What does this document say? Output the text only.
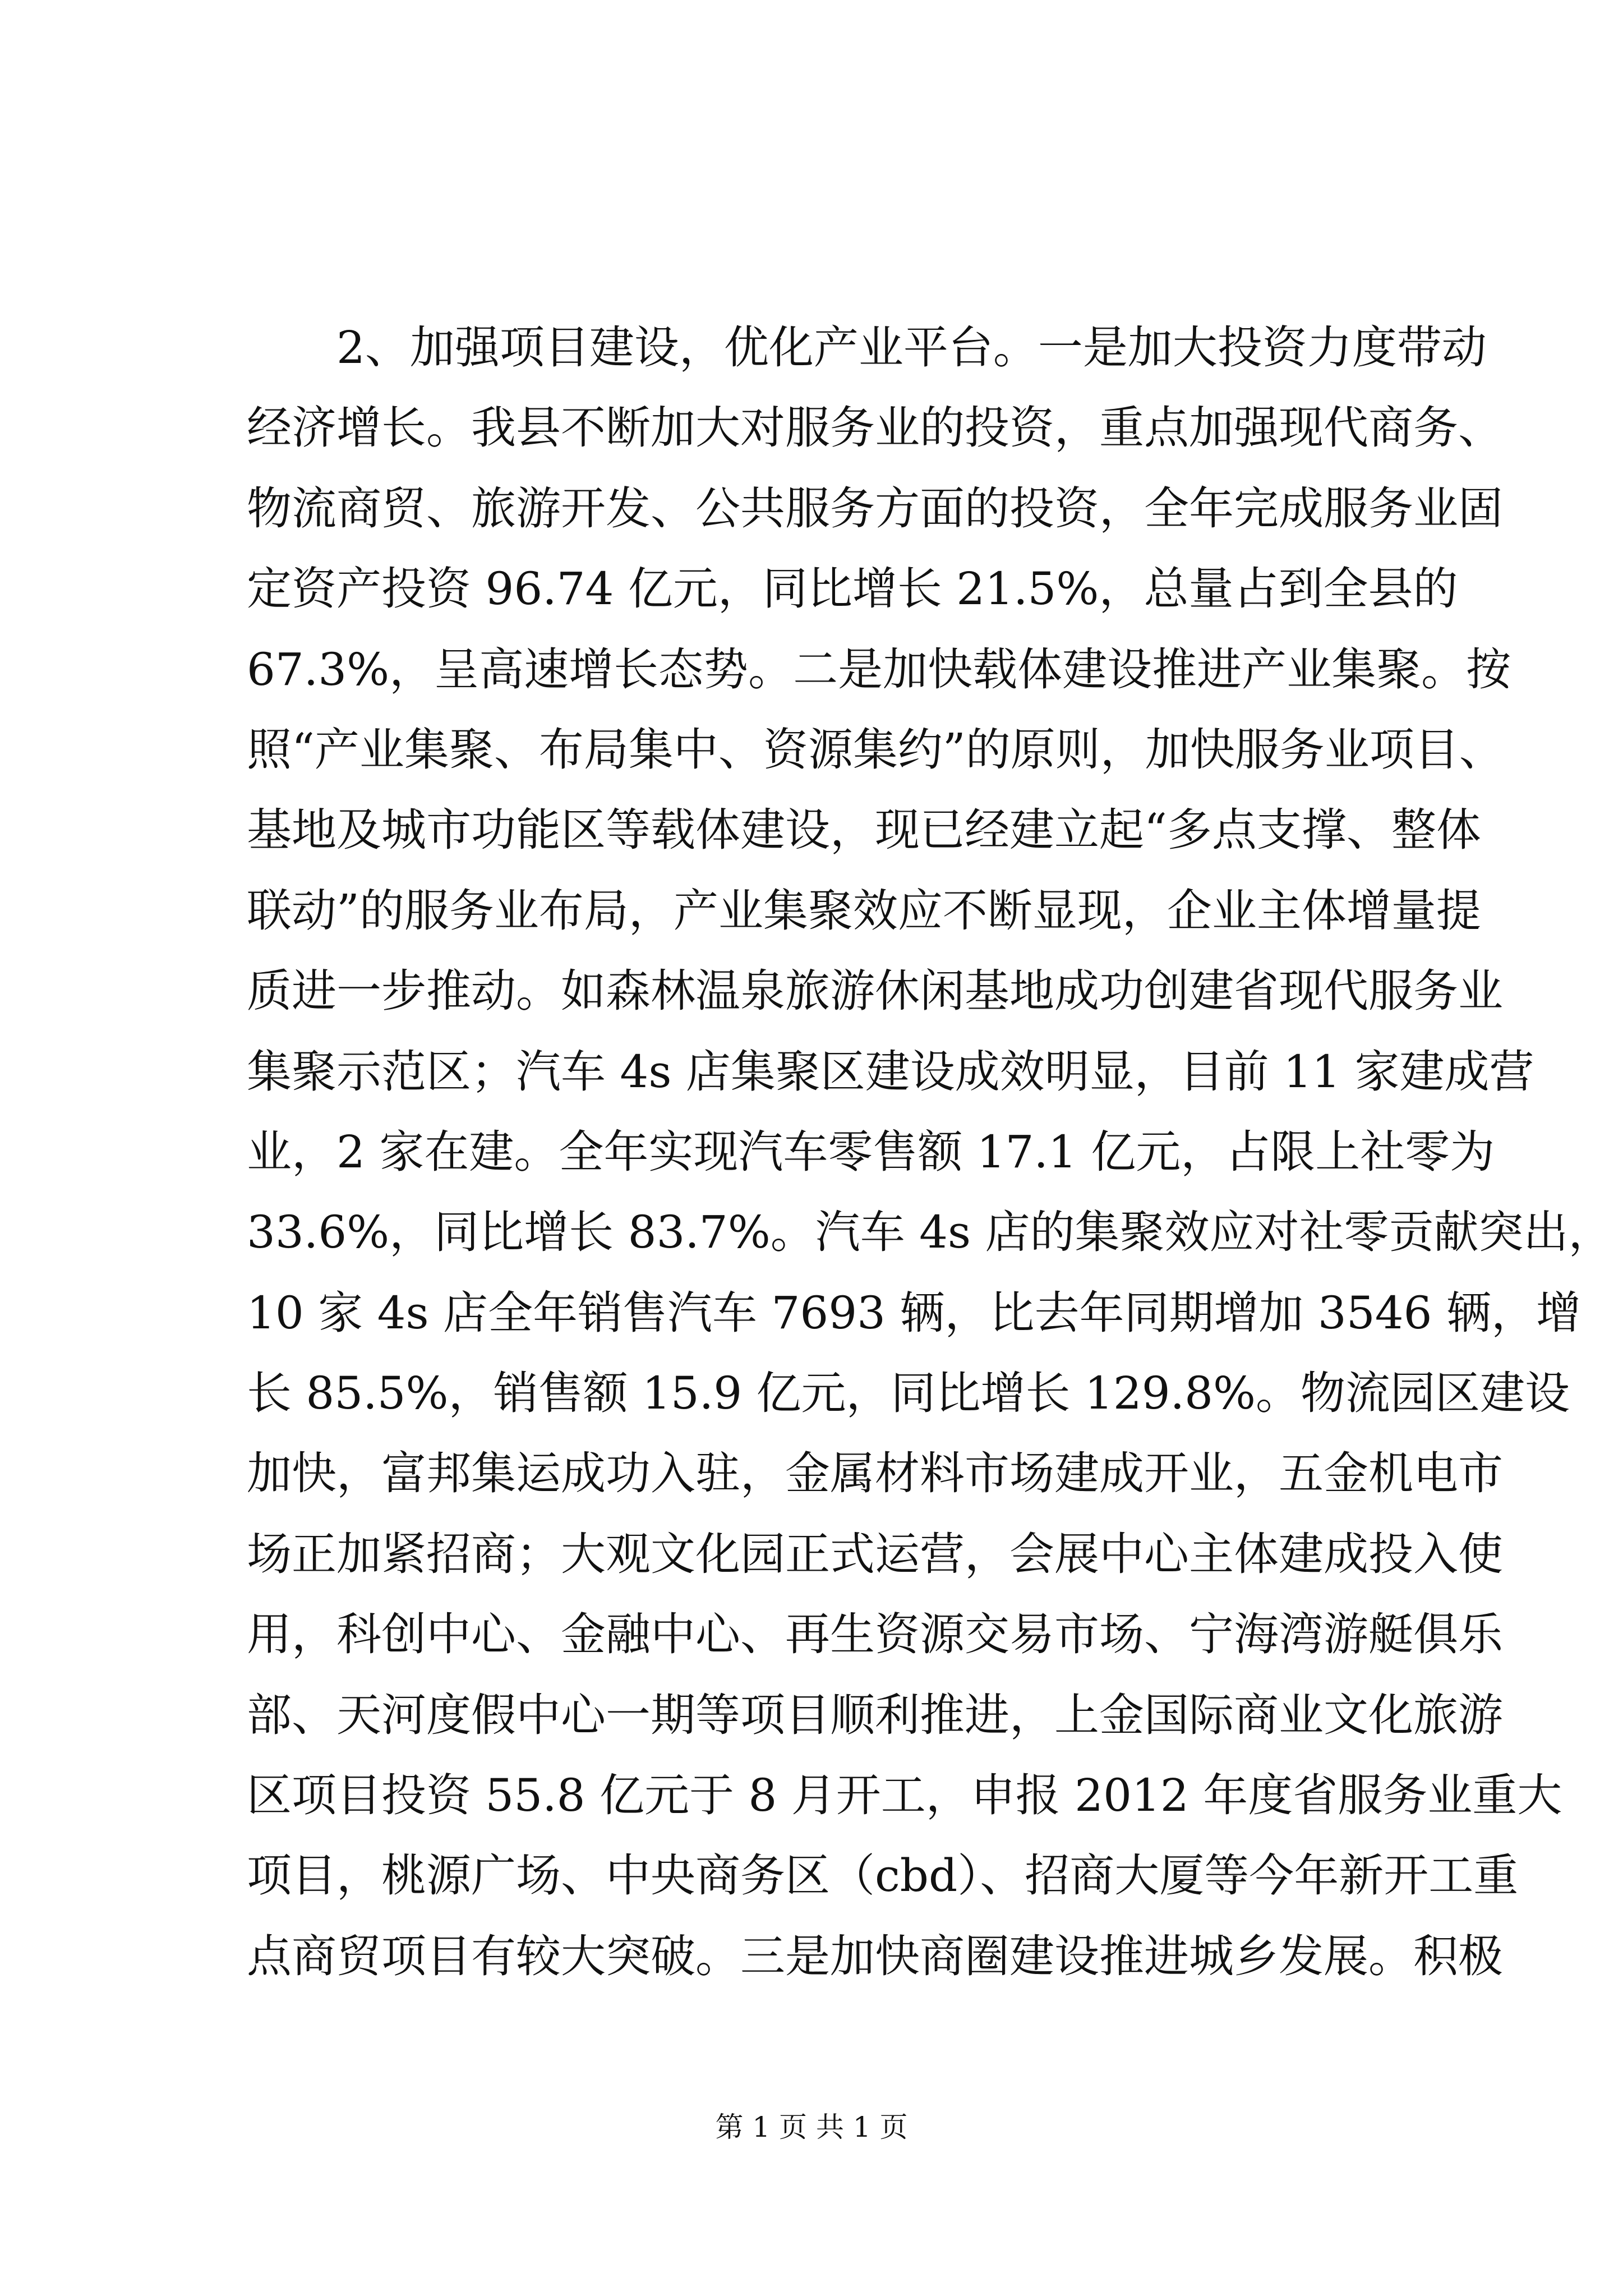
2、加强项目建设，优化产业平台。一是加大投资力度带动
经济增长。我县不断加大对服务业的投资，重点加强现代商务、
物流商贸、旅游开发、公共服务方面的投资，全年完成服务业固
定资产投资 96.74 亿元，同比增长 21.5%，总量占到全县的
67.3%，呈高速增长态势。二是加快载体建设推进产业集聚。按
照“产业集聚、布局集中、资源集约”的原则，加快服务业项目、
基地及城市功能区等载体建设，现已经建立起“多点支撑、整体
联动”的服务业布局，产业集聚效应不断显现，企业主体增量提
质进一步推动。如森林温泉旅游休闲基地成功创建省现代服务业
集聚示范区；汽车 4s 店集聚区建设成效明显，目前 11 家建成营
业，2 家在建。全年实现汽车零售额 17.1 亿元，占限上社零为
33.6%，同比增长 83.7%。汽车 4s 店的集聚效应对社零贡献突出，
10 家 4s 店全年销售汽车 7693 辆，比去年同期增加 3546 辆，增
长 85.5%，销售额 15.9 亿元，同比增长 129.8%。物流园区建设
加快，富邦集运成功入驻，金属材料市场建成开业，五金机电市
场正加紧招商；大观文化园正式运营，会展中心主体建成投入使
用，科创中心、金融中心、再生资源交易市场、宁海湾游艇俱乐
部、天河度假中心一期等项目顺利推进，上金国际商业文化旅游
区项目投资 55.8 亿元于 8 月开工，申报 2012 年度省服务业重大
项目，桃源广场、中央商务区（cbd）、招商大厦等今年新开工重
点商贸项目有较大突破。三是加快商圈建设推进城乡发展。积极
第 1 页 共 1 页
